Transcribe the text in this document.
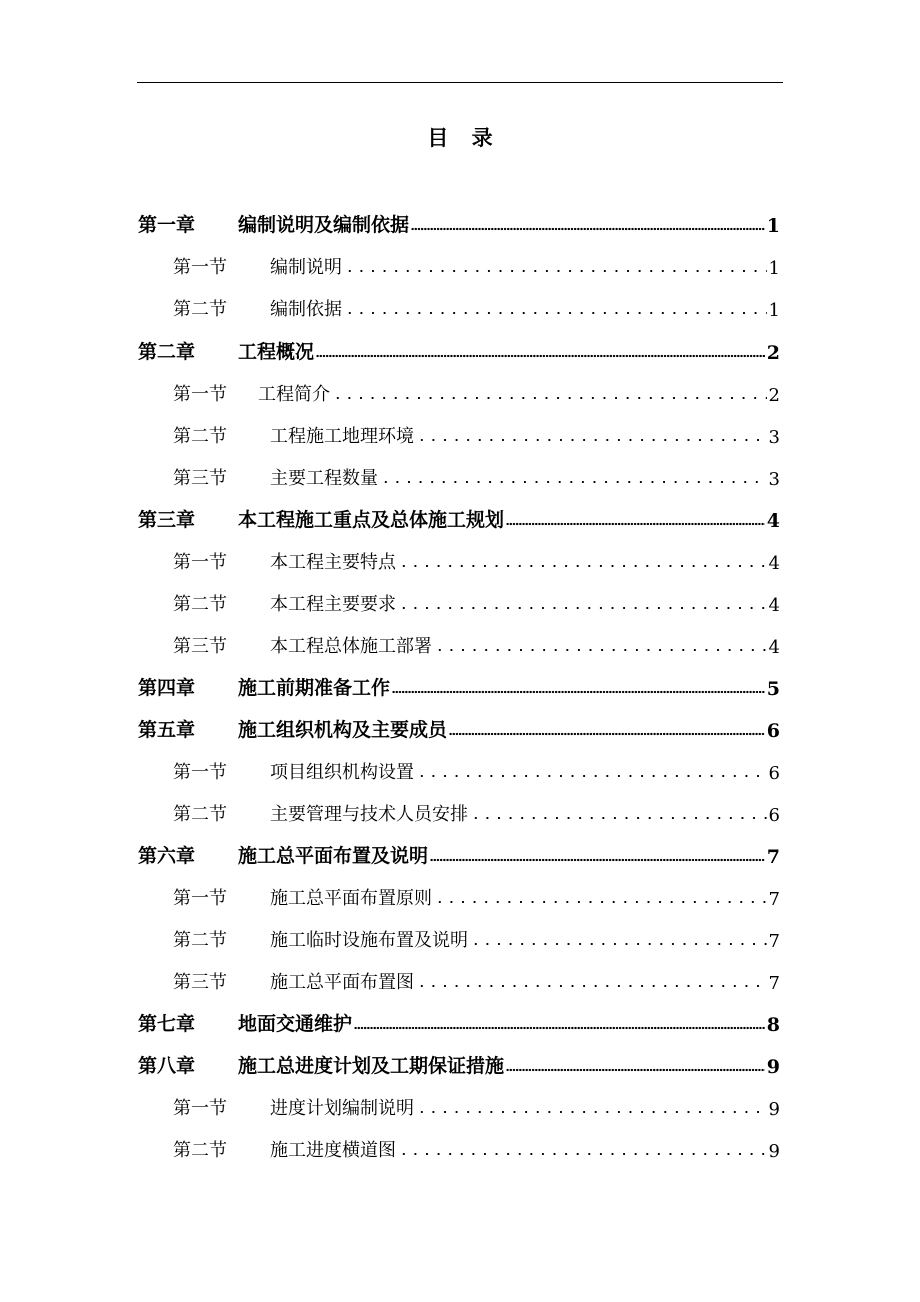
目 录
第一章	编制说明及编制依据	1
第一节	编制说明	1
第二节	编制依据	1
第二章	工程概况	2
第一节	工程简介	2
第二节	工程施工地理环境	3
第三节	主要工程数量	3
第三章	本工程施工重点及总体施工规划	4
第一节	本工程主要特点	4
第二节	本工程主要要求	4
第三节	本工程总体施工部署	4
第四章	施工前期准备工作	5
第五章	施工组织机构及主要成员	6
第一节	项目组织机构设置	6
第二节	主要管理与技术人员安排	6
第六章	施工总平面布置及说明	7
第一节	施工总平面布置原则	7
第二节	施工临时设施布置及说明	7
第三节	施工总平面布置图	7
第七章	地面交通维护	8
第八章	施工总进度计划及工期保证措施	9
第一节	进度计划编制说明	9
第二节	施工进度横道图	9
